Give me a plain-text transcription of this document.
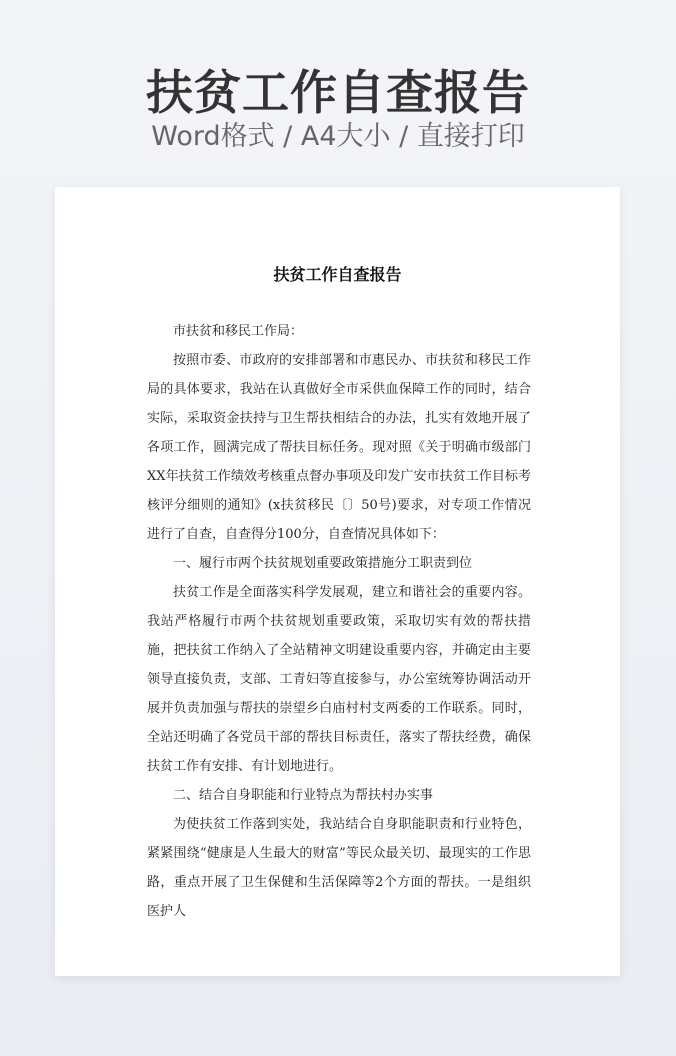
扶贫工作自查报告
Word格式 / A4大小 / 直接打印
扶贫工作自查报告

市扶贫和移民工作局：

按照市委、市政府的安排部署和市惠民办、市扶贫和移民工作局的具体要求，我站在认真做好全市采供血保障工作的同时，结合实际，采取资金扶持与卫生帮扶相结合的办法，扎实有效地开展了各项工作，圆满完成了帮扶目标任务。现对照《关于明确市级部门XX年扶贫工作绩效考核重点督办事项及印发广安市扶贫工作目标考核评分细则的通知》(x扶贫移民〔〕50号)要求，对专项工作情况进行了自查，自查得分100分，自查情况具体如下：

一、履行市两个扶贫规划重要政策措施分工职责到位

扶贫工作是全面落实科学发展观，建立和谐社会的重要内容。我站严格履行市两个扶贫规划重要政策，采取切实有效的帮扶措施，把扶贫工作纳入了全站精神文明建设重要内容，并确定由主要领导直接负责，支部、工青妇等直接参与，办公室统筹协调活动开展并负责加强与帮扶的崇望乡白庙村村支两委的工作联系。同时，全站还明确了各党员干部的帮扶目标责任，落实了帮扶经费，确保扶贫工作有安排、有计划地进行。

二、结合自身职能和行业特点为帮扶村办实事

为使扶贫工作落到实处，我站结合自身职能职责和行业特色，紧紧围绕“健康是人生最大的财富”等民众最关切、最现实的工作思路，重点开展了卫生保健和生活保障等2个方面的帮扶。一是组织医护人
